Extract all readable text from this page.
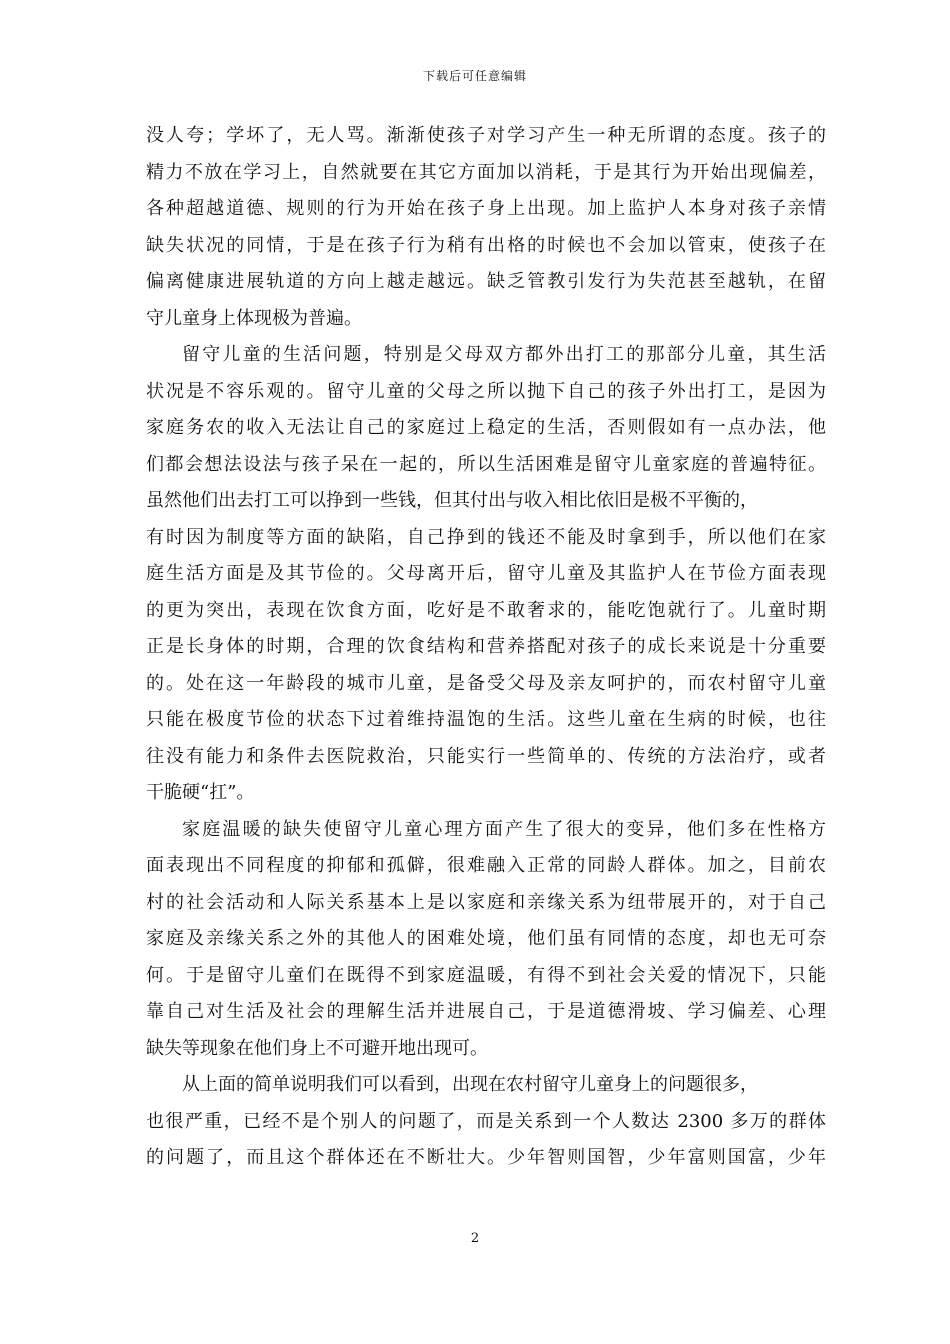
下载后可任意编辑
没人夸；学坏了，无人骂。渐渐使孩子对学习产生一种无所谓的态度。孩子的
精力不放在学习上，自然就要在其它方面加以消耗，于是其行为开始出现偏差，
各种超越道德、规则的行为开始在孩子身上出现。加上监护人本身对孩子亲情
缺失状况的同情，于是在孩子行为稍有出格的时候也不会加以管束，使孩子在
偏离健康进展轨道的方向上越走越远。缺乏管教引发行为失范甚至越轨，在留
守儿童身上体现极为普遍。
留守儿童的生活问题，特别是父母双方都外出打工的那部分儿童，其生活
状况是不容乐观的。留守儿童的父母之所以抛下自己的孩子外出打工，是因为
家庭务农的收入无法让自己的家庭过上稳定的生活，否则假如有一点办法，他
们都会想法设法与孩子呆在一起的，所以生活困难是留守儿童家庭的普遍特征。
虽然他们出去打工可以挣到一些钱，但其付出与收入相比依旧是极不平衡的，
有时因为制度等方面的缺陷，自己挣到的钱还不能及时拿到手，所以他们在家
庭生活方面是及其节俭的。父母离开后，留守儿童及其监护人在节俭方面表现
的更为突出，表现在饮食方面，吃好是不敢奢求的，能吃饱就行了。儿童时期
正是长身体的时期，合理的饮食结构和营养搭配对孩子的成长来说是十分重要
的。处在这一年龄段的城市儿童，是备受父母及亲友呵护的，而农村留守儿童
只能在极度节俭的状态下过着维持温饱的生活。这些儿童在生病的时候，也往
往没有能力和条件去医院救治，只能实行一些简单的、传统的方法治疗，或者
干脆硬“扛”。
家庭温暖的缺失使留守儿童心理方面产生了很大的变异，他们多在性格方
面表现出不同程度的抑郁和孤僻，很难融入正常的同龄人群体。加之，目前农
村的社会活动和人际关系基本上是以家庭和亲缘关系为纽带展开的，对于自己
家庭及亲缘关系之外的其他人的困难处境，他们虽有同情的态度，却也无可奈
何。于是留守儿童们在既得不到家庭温暖，有得不到社会关爱的情况下，只能
靠自己对生活及社会的理解生活并进展自己，于是道德滑坡、学习偏差、心理
缺失等现象在他们身上不可避开地出现可。
从上面的简单说明我们可以看到，出现在农村留守儿童身上的问题很多，
也很严重，已经不是个别人的问题了，而是关系到一个人数达 2300 多万的群体
的问题了，而且这个群体还在不断壮大。少年智则国智，少年富则国富，少年
2
